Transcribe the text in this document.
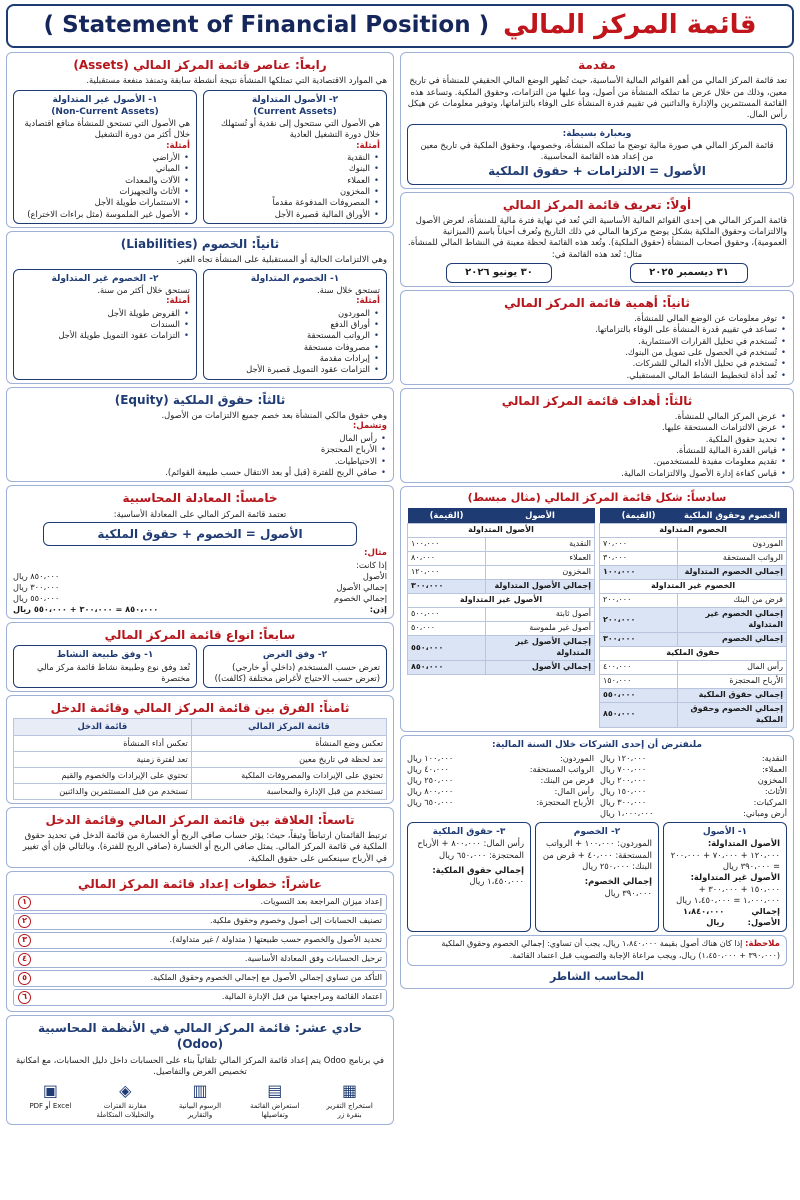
قائمة المركز المالي
( Statement of Financial Position )
مقدمة
تعد قائمة المركز المالي من أهم القوائم المالية الأساسية، حيث تُظهر الوضع المالي الحقيقي للمنشأة في تاريخ معين، وذلك من خلال عرض ما تملكه المنشأة من أصول، وما عليها من التزامات، وحقوق الملكية. وتساعد هذه القائمة المستثمرين والإدارة والدائنين في تقييم قدرة المنشأة على الوفاء بالتزاماتها، وتوفير معلومات عن هيكل رأس المال.
وبعبارة بسيطة:
قائمة المركز المالي هي صورة مالية توضح ما تملكه المنشأة، وخصومها، وحقوق الملكية في تاريخ معين من إعداد هذه القائمة المحاسبية.
الأصول = الالتزامات + حقوق الملكية
أولاً: تعريف قائمة المركز المالي
قائمة المركز المالي هي إحدى القوائم المالية الأساسية التي تُعد في نهاية فترة مالية للمنشأة، لعرض الأصول والالتزامات وحقوق الملكية بشكل يوضح مركزها المالي في ذلك التاريخ وتُعرف أحياناً باسم (الميزانية العمومية)، وحقوق أصحاب المنشأة (حقوق الملكية). وتُعد هذه القائمة لحظة معينة في النشاط المالي للمنشأة.
مثال: تُعد هذه القائمة في:
٣١ ديسمبر ٢٠٢٥
٣٠ يونيو ٢٠٢٦
ثانياً: أهمية قائمة المركز المالي
• توفر معلومات عن الوضع المالي للمنشأة.
• تساعد في تقييم قدرة المنشأة على الوفاء بالتزاماتها.
• تُستخدم في تحليل القرارات الاستثمارية.
• تُستخدم في الحصول على تمويل من البنوك.
• تُستخدم في تحليل الأداء المالي للشركات.
• تُعد أداة لتخطيط النشاط المالي المستقبلي.
ثالثاً: أهداف قائمة المركز المالي
• عرض المركز المالي للمنشأة.
• عرض الالتزامات المستحقة عليها.
• تحديد حقوق الملكية.
• قياس القدرة المالية للمنشأة.
• تقديم معلومات مفيدة للمستخدمين.
• قياس كفاءة إدارة الأصول والالتزامات المالية.
سادساً: شكل قائمة المركز المالي (مثال مبسط)
الخصوم وحقوق الملكية	(القيمة)
الخصوم المتداولة	
الموردون	٧٠،٠٠٠
الرواتب المستحقة	٣٠،٠٠٠
إجمالي الخصوم المتداولة	١٠٠،٠٠٠
الخصوم غير المتداولة	
قرض من البنك	٢٠٠،٠٠٠
إجمالي الخصوم غير المتداولة	٢٠٠،٠٠٠
إجمالي الخصوم	٣٠٠،٠٠٠
حقوق الملكية	
رأس المال	٤٠٠،٠٠٠
الأرباح المحتجزة	١٥٠،٠٠٠
إجمالي حقوق الملكية	٥٥٠،٠٠٠
إجمالي الخصوم وحقوق الملكية	٨٥٠،٠٠٠
الأصول	(القيمة)
الأصول المتداولة	
النقدية	١٠٠،٠٠٠
العملاء	٨٠،٠٠٠
المخزون	١٢٠،٠٠٠
إجمالي الأصول المتداولة	٣٠٠،٠٠٠
الأصول غير المتداولة	
أصول ثابتة	٥٠٠،٠٠٠
أصول غير ملموسة	٥٠،٠٠٠
إجمالي الأصول غير المتداولة	٥٥٠،٠٠٠
إجمالي الأصول	٨٥٠،٠٠٠
ملنفترض أن إحدى الشركات خلال السنة المالية:
النقدية:
١٢٠،٠٠٠ ريال
العملاء:
٧٠٠،٠٠٠ ريال
المخزون
٢٠٠،٠٠٠ ريال
الأثاث:
١٥٠،٠٠٠ ريال
المركبات:
٣٠٠،٠٠٠ ريال
أرض ومباني:
١،٠٠٠،٠٠٠ ريال
الموردون:
١٠٠،٠٠٠ ريال
الرواتب المستحقة:
٤٠،٠٠٠ ريال
قرض من البنك:
٢٥٠،٠٠٠ ريال
رأس المال:
٨٠٠،٠٠٠ ريال
الأرباح المحتجزة:
٦٥٠،٠٠٠ ريال
١- الأصول
الأصول المتداولة:
١٢٠،٠٠٠ + ٧٠،٠٠٠ + ٢٠٠،٠٠٠ = ٣٩٠،٠٠٠ ريال
الأصول غير المتداولة:
١٥٠،٠٠٠ + ٣٠٠،٠٠٠ + ١،٠٠٠،٠٠٠ = ١،٤٥٠،٠٠٠ ريال
إجمالي الأصول:
١،٨٤٠،٠٠٠ ريال
٢- الخصوم
الموردون: ١٠٠،٠٠٠ + الرواتب المستحقة: ٤٠،٠٠٠ + قرض من البنك: ٢٥٠،٠٠٠ ريال
إجمالي الخصوم:
٣٩٠،٠٠٠ ريال
٣- حقوق الملكية
رأس المال: ٨٠٠،٠٠٠ + الأرباح المحتجزة: ٦٥٠،٠٠٠ ريال
إجمالي حقوق الملكية:
١،٤٥٠،٠٠٠ ريال
ملاحظة: إذا كان هناك أصول بقيمة ١،٨٤٠،٠٠٠ ريال، يجب أن تساوي: إجمالي الخصوم وحقوق الملكية (٣٩٠،٠٠٠ + ١،٤٥٠،٠٠٠) ريال، ويجب مراعاة الإجابة والتصويب قبل اعتماد القائمة.
المحاسب الشاطر
رابعاً: عناصر قائمة المركز المالي (Assets)
هي الموارد الاقتصادية التي تمتلكها المنشأة نتيجة أنشطة سابقة وتمنفذ منفعة مستقبلية.
٢- الأصول المتداولة
(Current Assets)
هي الأصول التي ستتحول إلى نقدية أو تُستهلك خلال دورة التشغيل العادية
أمثلة:
• النقدية
• البنوك
• العملاء
• المخزون
• المصروفات المدفوعة مقدماً
• الأوراق المالية قصيرة الأجل
١- الأصول غير المتداولة
(Non-Current Assets)
هي الأصول التي تستحق للمنشأة منافع اقتصادية خلال أكثر من دورة التشغيل
أمثلة:
• الأراضي
• المباني
• الآلات والمعدات
• الأثاث والتجهيزات
• الاستثمارات طويلة الأجل
• الأصول غير الملموسة (مثل براءات الاختراع)
ثانياً: الخصوم (Liabilities)
وهي الالتزامات الحالية أو المستقبلية على المنشأة تجاه الغير.
١- الخصوم المتداولة
تستحق خلال سنة.
أمثلة:
• الموردون
• أوراق الدفع
• الرواتب المستحقة
• مصروفات مستحقة
• إيرادات مقدمة
• التزامات عقود التمويل قصيرة الأجل
٢- الخصوم غير المتداولة
تستحق خلال أكثر من سنة.
أمثلة:
• القروض طويلة الأجل
• السندات
• التزامات عقود التمويل طويلة الأجل
ثالثاً: حقوق الملكية (Equity)
وهي حقوق مالكي المنشأة بعد خصم جميع الالتزامات من الأصول.
وتشمل:
• رأس المال
• الأرباح المحتجزة
• الاحتياطيات.
• صافي الربح للفترة (قبل أو بعد الانتقال حسب طبيعة القوائم).
خامساً: المعادلة المحاسبية
تعتمد قائمة المركز المالي على المعادلة الأساسية:
الأصول = الخصوم + حقوق الملكية
مثال:
إذا كانت:
الأصول
٨٥٠،٠٠٠ ريال
إجمالي الأصول
٣٠٠،٠٠٠ ريال
إجمالي الخصوم
٥٥٠،٠٠٠ ريال
إذن:
٨٥٠،٠٠٠ = ٣٠٠،٠٠٠ + ٥٥٠،٠٠٠ ريال
سابعاً: انواع قائمة المركز المالي
٢- وفق الغرض
تعرض حسب المستخدم (داخلي أو خارجي) (تعرض حسب الاحتياج لأغراض مختلفة (كالفت))
١- وفق طبيعة النشاط
تُعد وفق نوع وطبيعة نشاط قائمة مركز مالي مختصرة
ثامناً: الفرق بين قائمة المركز المالي وقائمة الدخل
قائمة المركز المالي	قائمة الدخل
تعكس وضع المنشأة	تعكس أداء المنشأة
تعد لحظة في تاريخ معين	تعد لفترة زمنية
تحتوي على الإيرادات والمصروفات الملكية	تحتوي على الإيرادات والخصوم والقيم
تستخدم من قبل الإدارة والمحاسبة	تستخدم من قبل المستثمرين والدائنين
تاسعاً: العلاقة بين قائمة المركز المالي وقائمة الدخل
ترتبط القائمتان ارتباطاً وثيقاً، حيث: يؤثر حساب صافي الربح أو الخسارة من قائمة الدخل في تحديد حقوق الملكية في قائمة المركز المالي. يمثل صافي الربح أو الخسارة (صافي الربح للفترة). وبالتالي فإن أي تغيير في الأرباح سينعكس على حقوق الملكية.
عاشراً: خطوات إعداد قائمة المركز المالي
إعداد ميزان المراجعة بعد التسويات.
١
تصنيف الحسابات إلى أصول وخصوم وحقوق ملكية.
٢
تحديد الأصول والخصوم حسب طبيعتها ( متداولة / غير متداولة).
٣
ترحيل الحسابات وفق المعادلة الأساسية.
٤
التأكد من تساوي إجمالي الأصول مع إجمالي الخصوم وحقوق الملكية.
٥
اعتماد القائمة ومراجعتها من قبل الإدارة المالية.
٦
حادي عشر: قائمة المركز المالي في الأنظمة المحاسبية (Odoo)
في برنامج Odoo يتم إعداد قائمة المركز المالي تلقائياً بناء على الحسابات داخل دليل الحسابات، مع امكانية تخصيص العرض والتفاصيل.
▦
استخراج التقرير بنقرة زر
▤
استعراض القائمة وتفاصيلها
▥
الرسوم البيانية والتقارير
◈
مقارنة الفترات والتحليلات المتكاملة
▣
Excel أو PDF
